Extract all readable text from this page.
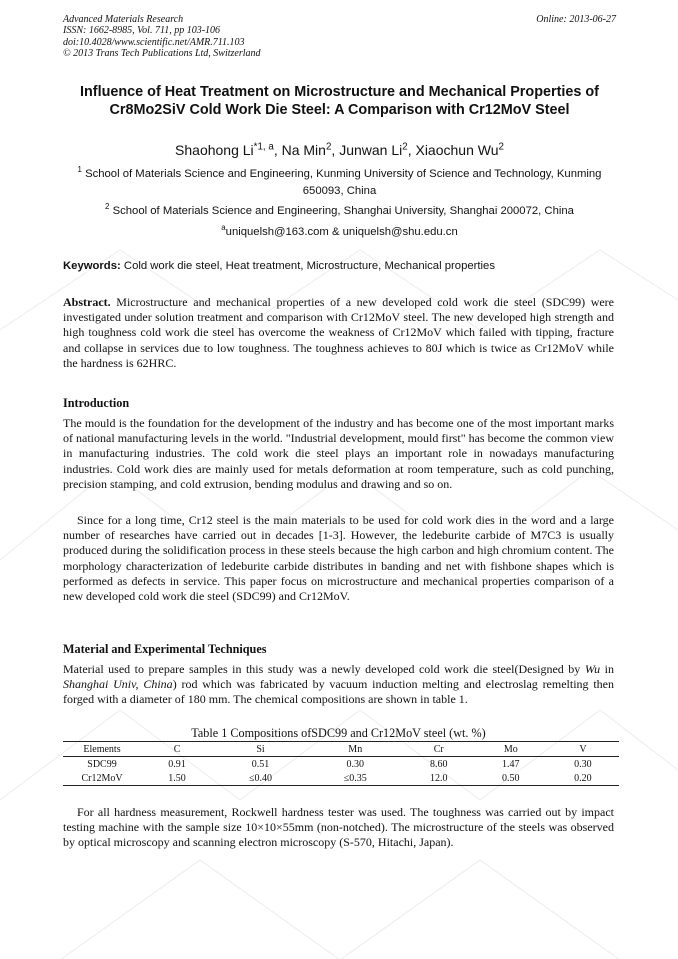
Advanced Materials Research
ISSN: 1662-8985, Vol. 711, pp 103-106
doi:10.4028/www.scientific.net/AMR.711.103
© 2013 Trans Tech Publications Ltd, Switzerland
Online: 2013-06-27
Influence of Heat Treatment on Microstructure and Mechanical Properties of Cr8Mo2SiV Cold Work Die Steel: A Comparison with Cr12MoV Steel
Shaohong Li$^{*1, a}$, Na Min$^2$, Junwan Li$^2$, Xiaochun Wu$^2$
$^1$ School of Materials Science and Engineering, Kunming University of Science and Technology, Kunming 650093, China
$^2$ School of Materials Science and Engineering, Shanghai University, Shanghai 200072, China
$^a$uniquelsh@163.com & uniquelsh@shu.edu.cn
Keywords: Cold work die steel, Heat treatment, Microstructure, Mechanical properties

Abstract. Microstructure and mechanical properties of a new developed cold work die steel (SDC99) were investigated under solution treatment and comparison with Cr12MoV steel. The new developed high strength and high toughness cold work die steel has overcome the weakness of Cr12MoV which failed with tipping, fracture and collapse in services due to low toughness. The toughness achieves to 80J which is twice as Cr12MoV while the hardness is 62HRC.

Introduction

The mould is the foundation for the development of the industry and has become one of the most important marks of national manufacturing levels in the world. "Industrial development, mould first" has become the common view in manufacturing industries. The cold work die steel plays an important role in nowadays manufacturing industries. Cold work dies are mainly used for metals deformation at room temperature, such as cold punching, precision stamping, and cold extrusion, bending modulus and drawing and so on.

Since for a long time, Cr12 steel is the main materials to be used for cold work dies in the word and a large number of researches have carried out in decades [1-3]. However, the ledeburite carbide of M7C3 is usually produced during the solidification process in these steels because the high carbon and high chromium content. The morphology characterization of ledeburite carbide distributes in banding and net with fishbone shapes which is performed as defects in service. This paper focus on microstructure and mechanical properties comparison of a new developed cold work die steel (SDC99) and Cr12MoV.

Material and Experimental Techniques

Material used to prepare samples in this study was a newly developed cold work die steel(Designed by Wu in Shanghai Univ, China) rod which was fabricated by vacuum induction melting and electroslag remelting then forged with a diameter of 180 mm. The chemical compositions are shown in table 1.

Table 1 Compositions ofSDC99 and Cr12MoV steel (wt. %)
Elements	C	Si	Mn	Cr	Mo	V
SDC99	0.91	0.51	0.30	8.60	1.47	0.30
Cr12MoV	1.50	≤0.40	≤0.35	12.0	0.50	0.20

For all hardness measurement, Rockwell hardness tester was used. The toughness was carried out by impact testing machine with the sample size 10×10×55mm (non-notched). The microstructure of the steels was observed by optical microscopy and scanning electron microscopy (S-570, Hitachi, Japan).
